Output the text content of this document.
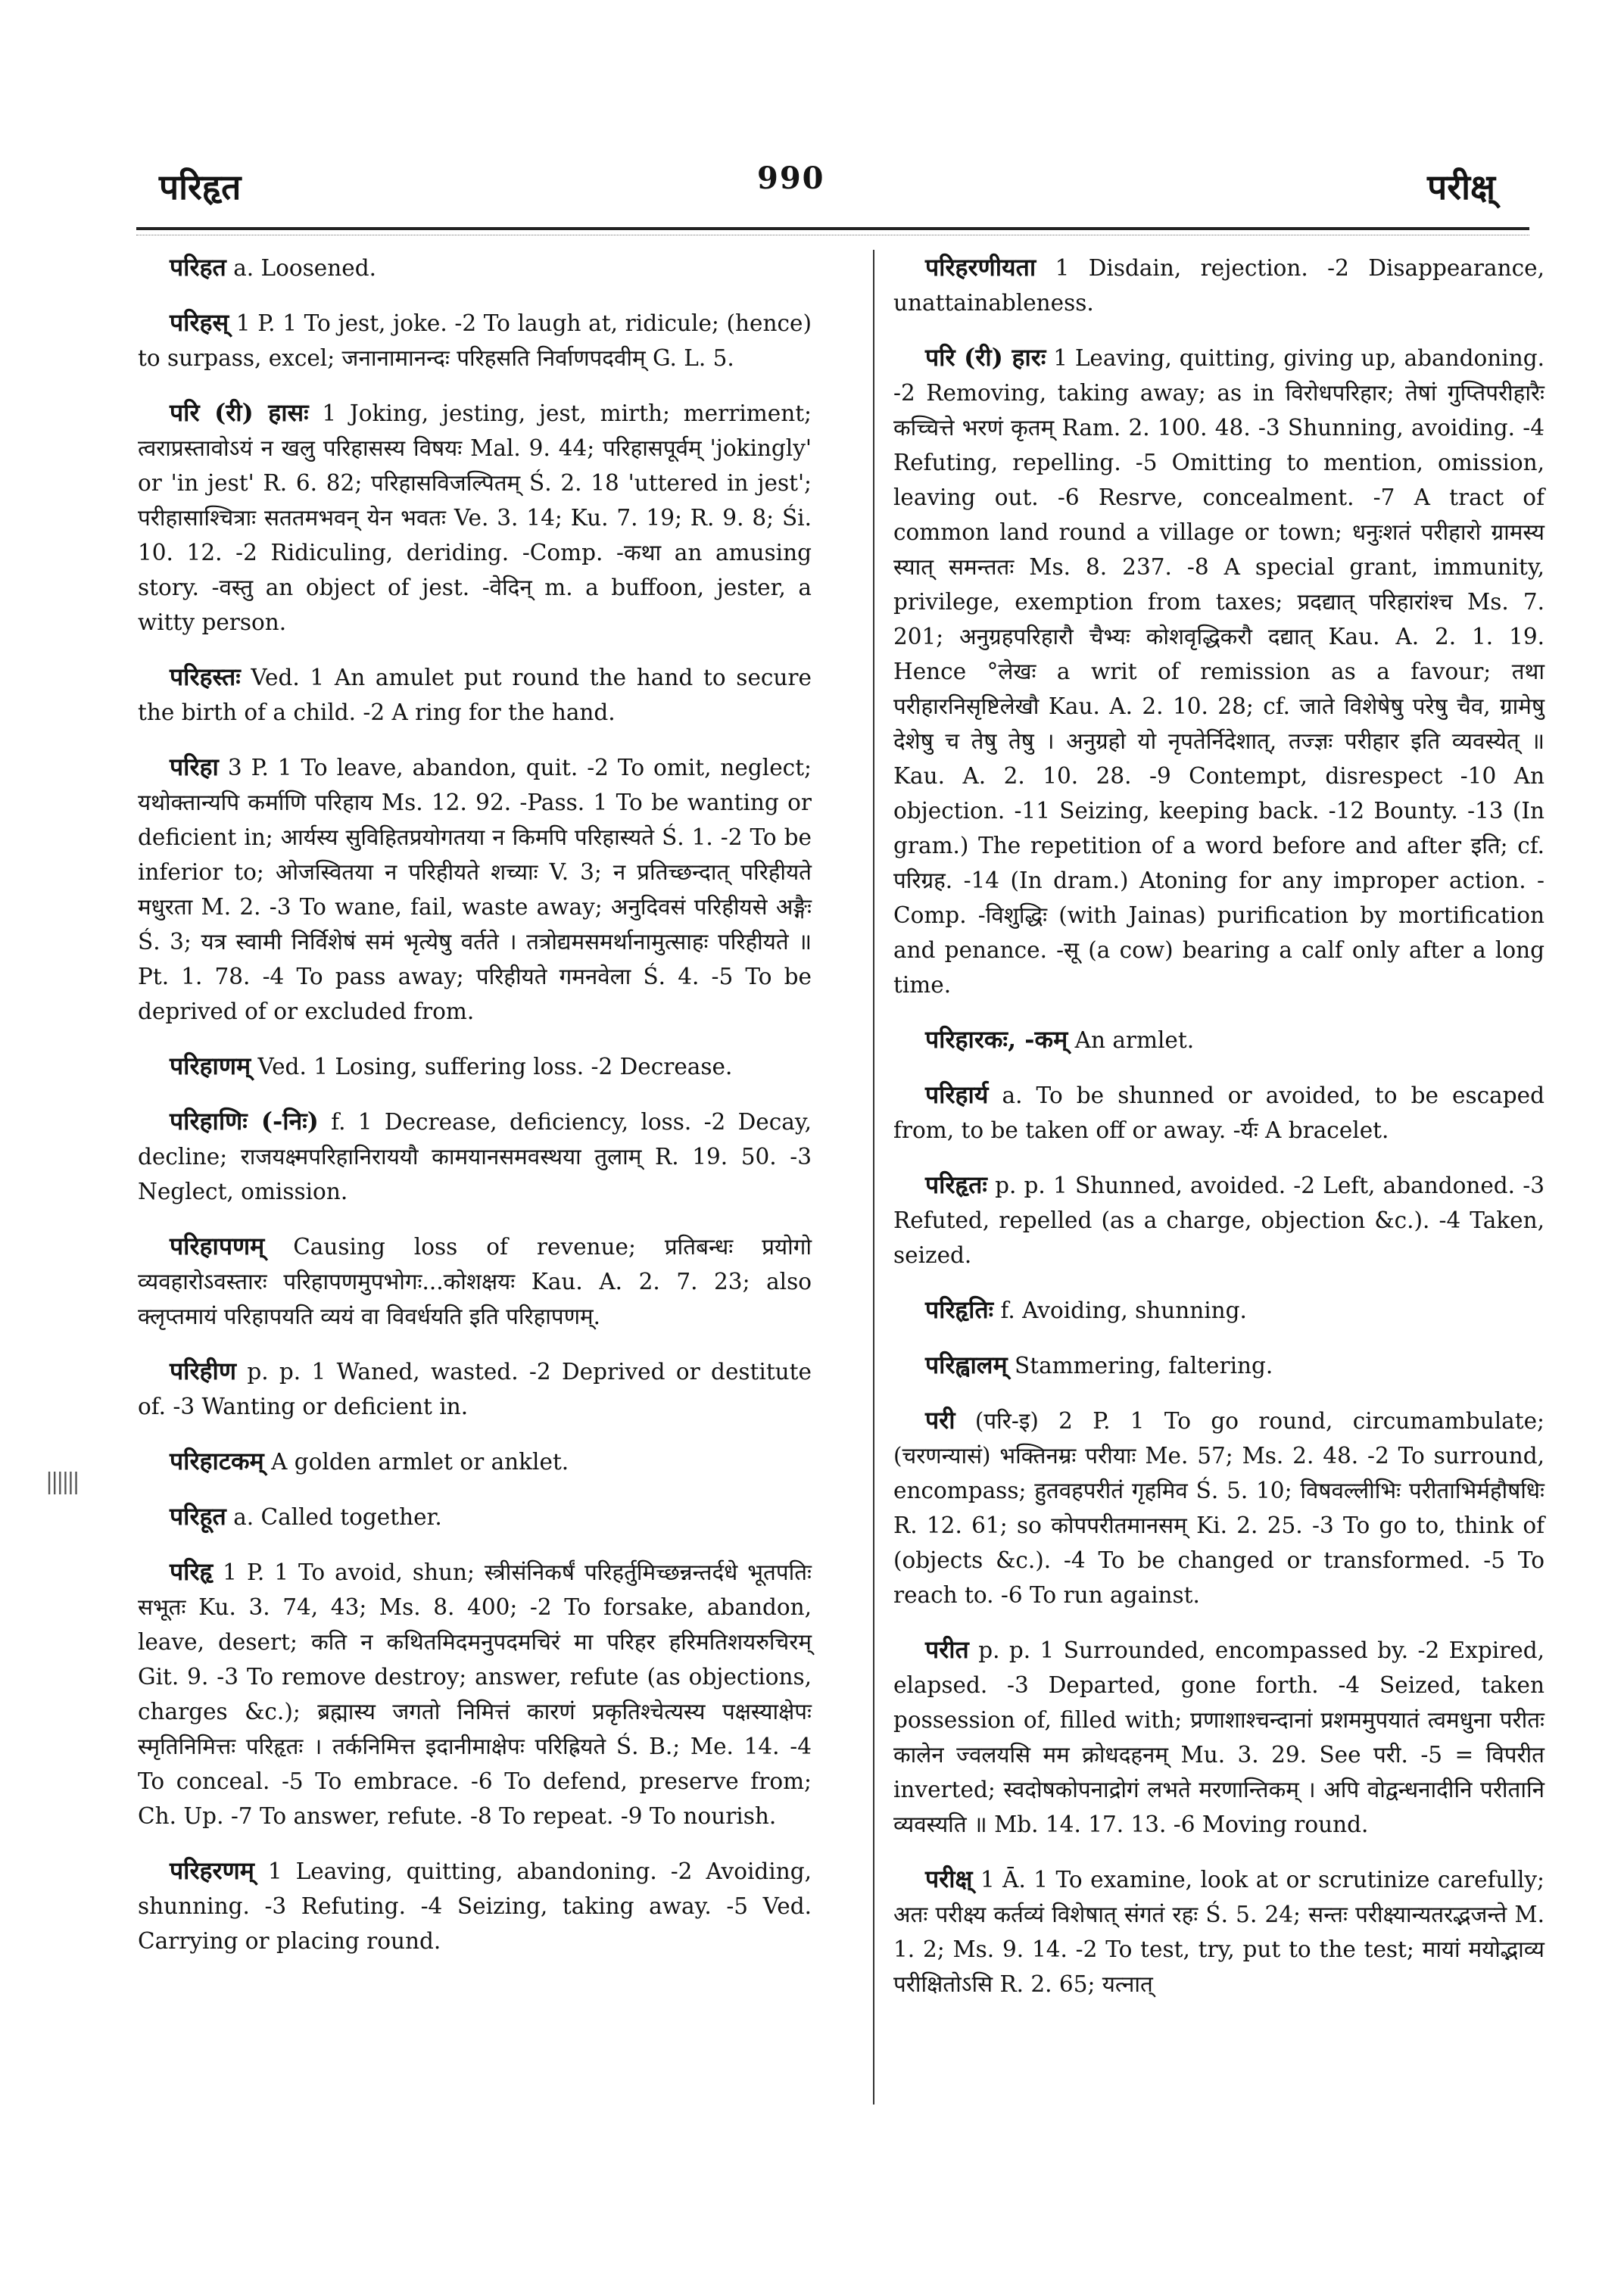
परिहृत	990	परीक्ष्
||||||

परिहत a. Loosened.

परिहस् 1 P. 1 To jest, joke. -2 To laugh at, ridicule; (hence) to surpass, excel; जनानामानन्दः परिहसति निर्वाणपदवीम् G. L. 5.

परि (री) हासः 1 Joking, jesting, jest, mirth; merriment; त्वराप्रस्तावोऽयं न खलु परिहासस्य विषयः Mal. 9. 44; परिहासपूर्वम् 'jokingly' or 'in jest' R. 6. 82; परिहासविजल्पितम् Ś. 2. 18 'uttered in jest'; परीहासाश्चित्राः सततमभवन् येन भवतः Ve. 3. 14; Ku. 7. 19; R. 9. 8; Śi. 10. 12. -2 Ridiculing, deriding. -Comp. -कथा an amusing story. -वस्तु an object of jest. -वेदिन् m. a buffoon, jester, a witty person.

परिहस्तः Ved. 1 An amulet put round the hand to secure the birth of a child. -2 A ring for the hand.

परिहा 3 P. 1 To leave, abandon, quit. -2 To omit, neglect; यथोक्तान्यपि कर्माणि परिहाय Ms. 12. 92. -Pass. 1 To be wanting or deficient in; आर्यस्य सुविहितप्रयोगतया न किमपि परिहास्यते Ś. 1. -2 To be inferior to; ओजस्वितया न परिहीयते शच्याः V. 3; न प्रतिच्छन्दात् परिहीयते मधुरता M. 2. -3 To wane, fail, waste away; अनुदिवसं परिहीयसे अङ्गैः Ś. 3; यत्र स्वामी निर्विशेषं समं भृत्येषु वर्तते । तत्रोद्यमसमर्थानामुत्साहः परिहीयते ॥ Pt. 1. 78. -4 To pass away; परिहीयते गमनवेला Ś. 4. -5 To be deprived of or excluded from.

परिहाणम् Ved. 1 Losing, suffering loss. -2 Decrease.

परिहाणिः (-निः) f. 1 Decrease, deficiency, loss. -2 Decay, decline; राजयक्ष्मपरिहानिराययौ कामयानसमवस्थया तुलाम् R. 19. 50. -3 Neglect, omission.

परिहापणम् Causing loss of revenue; प्रतिबन्धः प्रयोगो व्यवहारोऽवस्तारः परिहापणमुपभोगः...कोशक्षयः Kau. A. 2. 7. 23; also क्लृप्तमायं परिहापयति व्ययं वा विवर्धयति इति परिहापणम्.

परिहीण p. p. 1 Waned, wasted. -2 Deprived or destitute of. -3 Wanting or deficient in.

परिहाटकम् A golden armlet or anklet.

परिहूत a. Called together.

परिहृ 1 P. 1 To avoid, shun; स्त्रीसंनिकर्षं परिहर्तुमिच्छन्नन्तर्दधे भूतपतिः सभूतः Ku. 3. 74, 43; Ms. 8. 400; -2 To forsake, abandon, leave, desert; कति न कथितमिदमनुपदमचिरं मा परिहर हरिमतिशयरुचिरम् Git. 9. -3 To remove destroy; answer, refute (as objections, charges &c.); ब्रह्मास्य जगतो निमित्तं कारणं प्रकृतिश्चेत्यस्य पक्षस्याक्षेपः स्मृतिनिमित्तः परिहृतः । तर्कनिमित्त इदानीमाक्षेपः परिह्रियते Ś. B.; Me. 14. -4 To conceal. -5 To embrace. -6 To defend, preserve from; Ch. Up. -7 To answer, refute. -8 To repeat. -9 To nourish.

परिहरणम् 1 Leaving, quitting, abandoning. -2 Avoiding, shunning. -3 Refuting. -4 Seizing, taking away. -5 Ved. Carrying or placing round.

परिहरणीयता 1 Disdain, rejection. -2 Disappearance, unattainableness.

परि (री) हारः 1 Leaving, quitting, giving up, abandoning. -2 Removing, taking away; as in विरोधपरिहार; तेषां गुप्तिपरीहारैः कच्चित्ते भरणं कृतम् Ram. 2. 100. 48. -3 Shunning, avoiding. -4 Refuting, repelling. -5 Omitting to mention, omission, leaving out. -6 Resrve, concealment. -7 A tract of common land round a village or town; धनुःशतं परीहारो ग्रामस्य स्यात् समन्ततः Ms. 8. 237. -8 A special grant, immunity, privilege, exemption from taxes; प्रदद्यात् परिहारांश्च Ms. 7. 201; अनुग्रहपरिहारौ चैभ्यः कोशवृद्धिकरौ दद्यात् Kau. A. 2. 1. 19. Hence °लेखः a writ of remission as a favour; तथा परीहारनिसृष्टिलेखौ Kau. A. 2. 10. 28; cf. जाते विशेषेषु परेषु चैव, ग्रामेषु देशेषु च तेषु तेषु । अनुग्रहो यो नृपतेर्निदेशात्, तज्ज्ञः परीहार इति व्यवस्येत् ॥ Kau. A. 2. 10. 28. -9 Contempt, disrespect -10 An objection. -11 Seizing, keeping back. -12 Bounty. -13 (In gram.) The repetition of a word before and after इति; cf. परिग्रह. -14 (In dram.) Atoning for any improper action. -Comp. -विशुद्धिः (with Jainas) purification by mortification and penance. -सू (a cow) bearing a calf only after a long time.

परिहारकः, -कम् An armlet.

परिहार्य a. To be shunned or avoided, to be escaped from, to be taken off or away. -र्यः A bracelet.

परिहृतः p. p. 1 Shunned, avoided. -2 Left, abandoned. -3 Refuted, repelled (as a charge, objection &c.). -4 Taken, seized.

परिहृतिः f. Avoiding, shunning.

परिह्वालम् Stammering, faltering.

परी (परि-इ) 2 P. 1 To go round, circumambulate; (चरणन्यासं) भक्तिनम्रः परीयाः Me. 57; Ms. 2. 48. -2 To surround, encompass; हुतवहपरीतं गृहमिव Ś. 5. 10; विषवल्लीभिः परीताभिर्महौषधिः R. 12. 61; so कोपपरीतमानसम् Ki. 2. 25. -3 To go to, think of (objects &c.). -4 To be changed or transformed. -5 To reach to. -6 To run against.

परीत p. p. 1 Surrounded, encompassed by. -2 Expired, elapsed. -3 Departed, gone forth. -4 Seized, taken possession of, filled with; प्रणाशाश्चन्दानां प्रशममुपयातं त्वमधुना परीतः कालेन ज्वलयसि मम क्रोधदहनम् Mu. 3. 29. See परी. -5 = विपरीत inverted; स्वदोषकोपनाद्रोगं लभते मरणान्तिकम् । अपि वोद्वन्धनादीनि परीतानि व्यवस्यति ॥ Mb. 14. 17. 13. -6 Moving round.

परीक्ष् 1 Ā. 1 To examine, look at or scrutinize carefully; अतः परीक्ष्य कर्तव्यं विशेषात् संगतं रहः Ś. 5. 24; सन्तः परीक्ष्यान्यतरद्भजन्ते M. 1. 2; Ms. 9. 14. -2 To test, try, put to the test; मायां मयोद्भाव्य परीक्षितोऽसि R. 2. 65; यत्नात्
